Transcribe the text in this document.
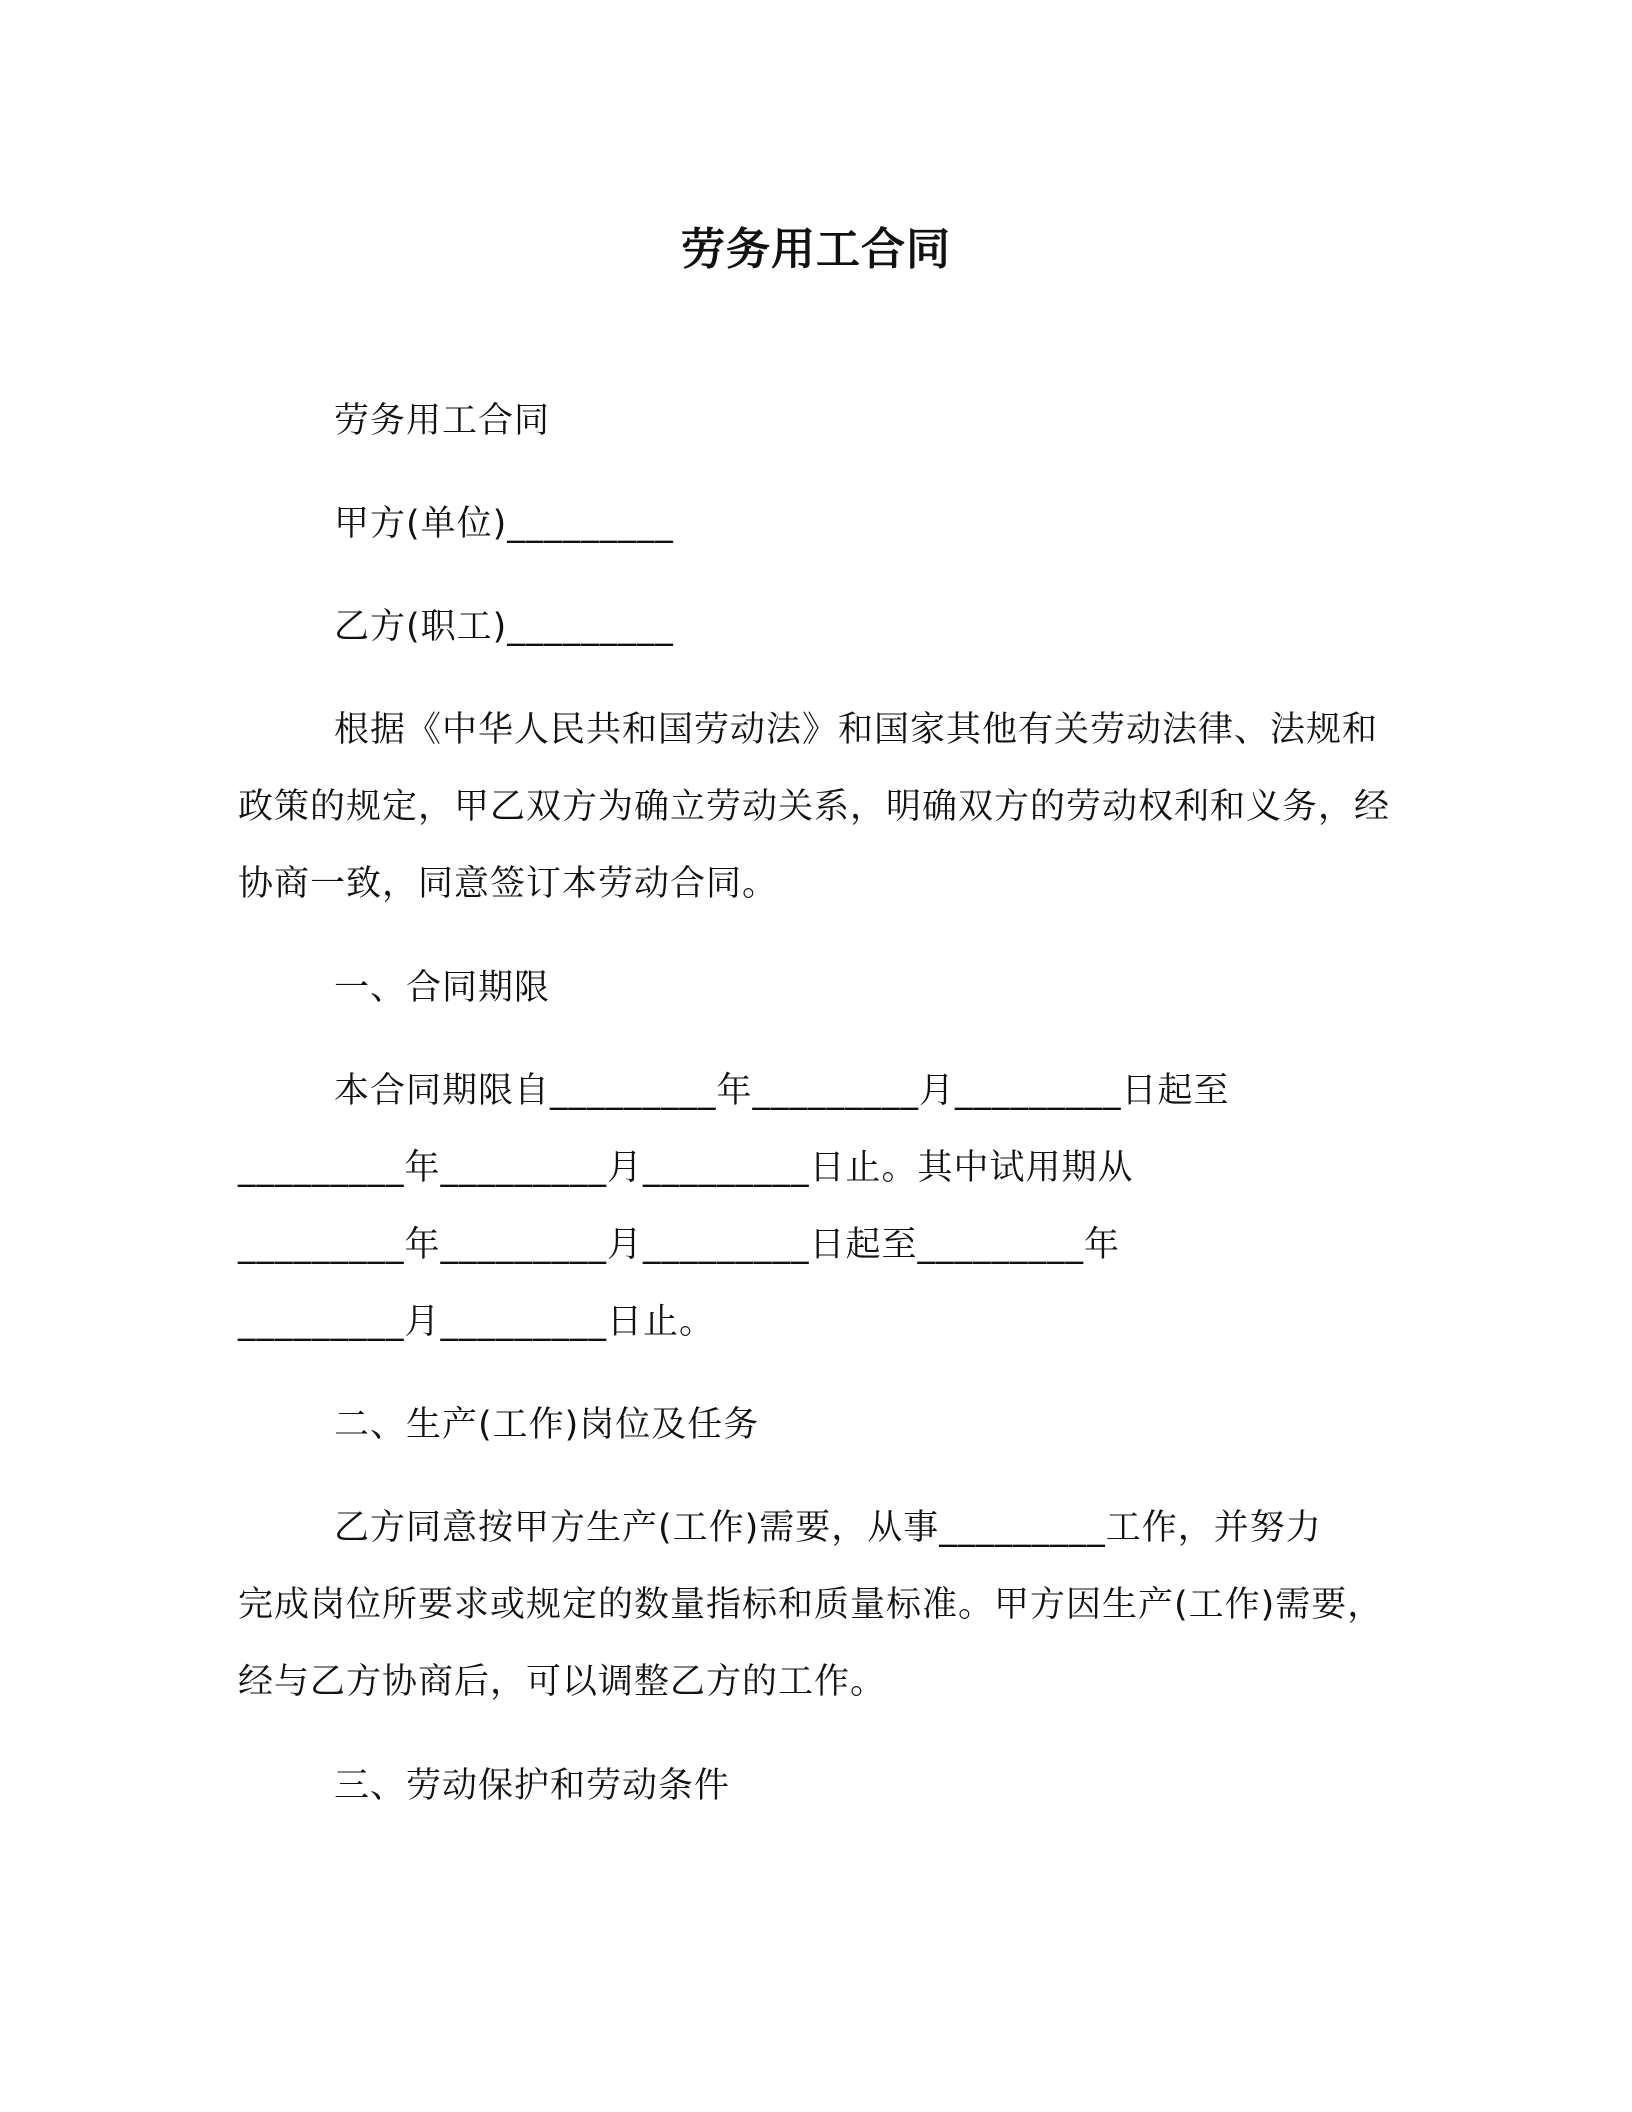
劳务用工合同
劳务用工合同
甲方(单位)_________
乙方(职工)_________
根据《中华人民共和国劳动法》和国家其他有关劳动法律、法规和政策的规定，甲乙双方为确立劳动关系，明确双方的劳动权利和义务，经协商一致，同意签订本劳动合同。
一、合同期限
本合同期限自_________年_________月_________日起至
_________年_________月_________日止。其中试用期从
_________年_________月_________日起至_________年
_________月_________日止。
二、生产(工作)岗位及任务
乙方同意按甲方生产(工作)需要，从事_________工作，并努力
完成岗位所要求或规定的数量指标和质量标准。甲方因生产(工作)需要，
经与乙方协商后，可以调整乙方的工作。
三、劳动保护和劳动条件
